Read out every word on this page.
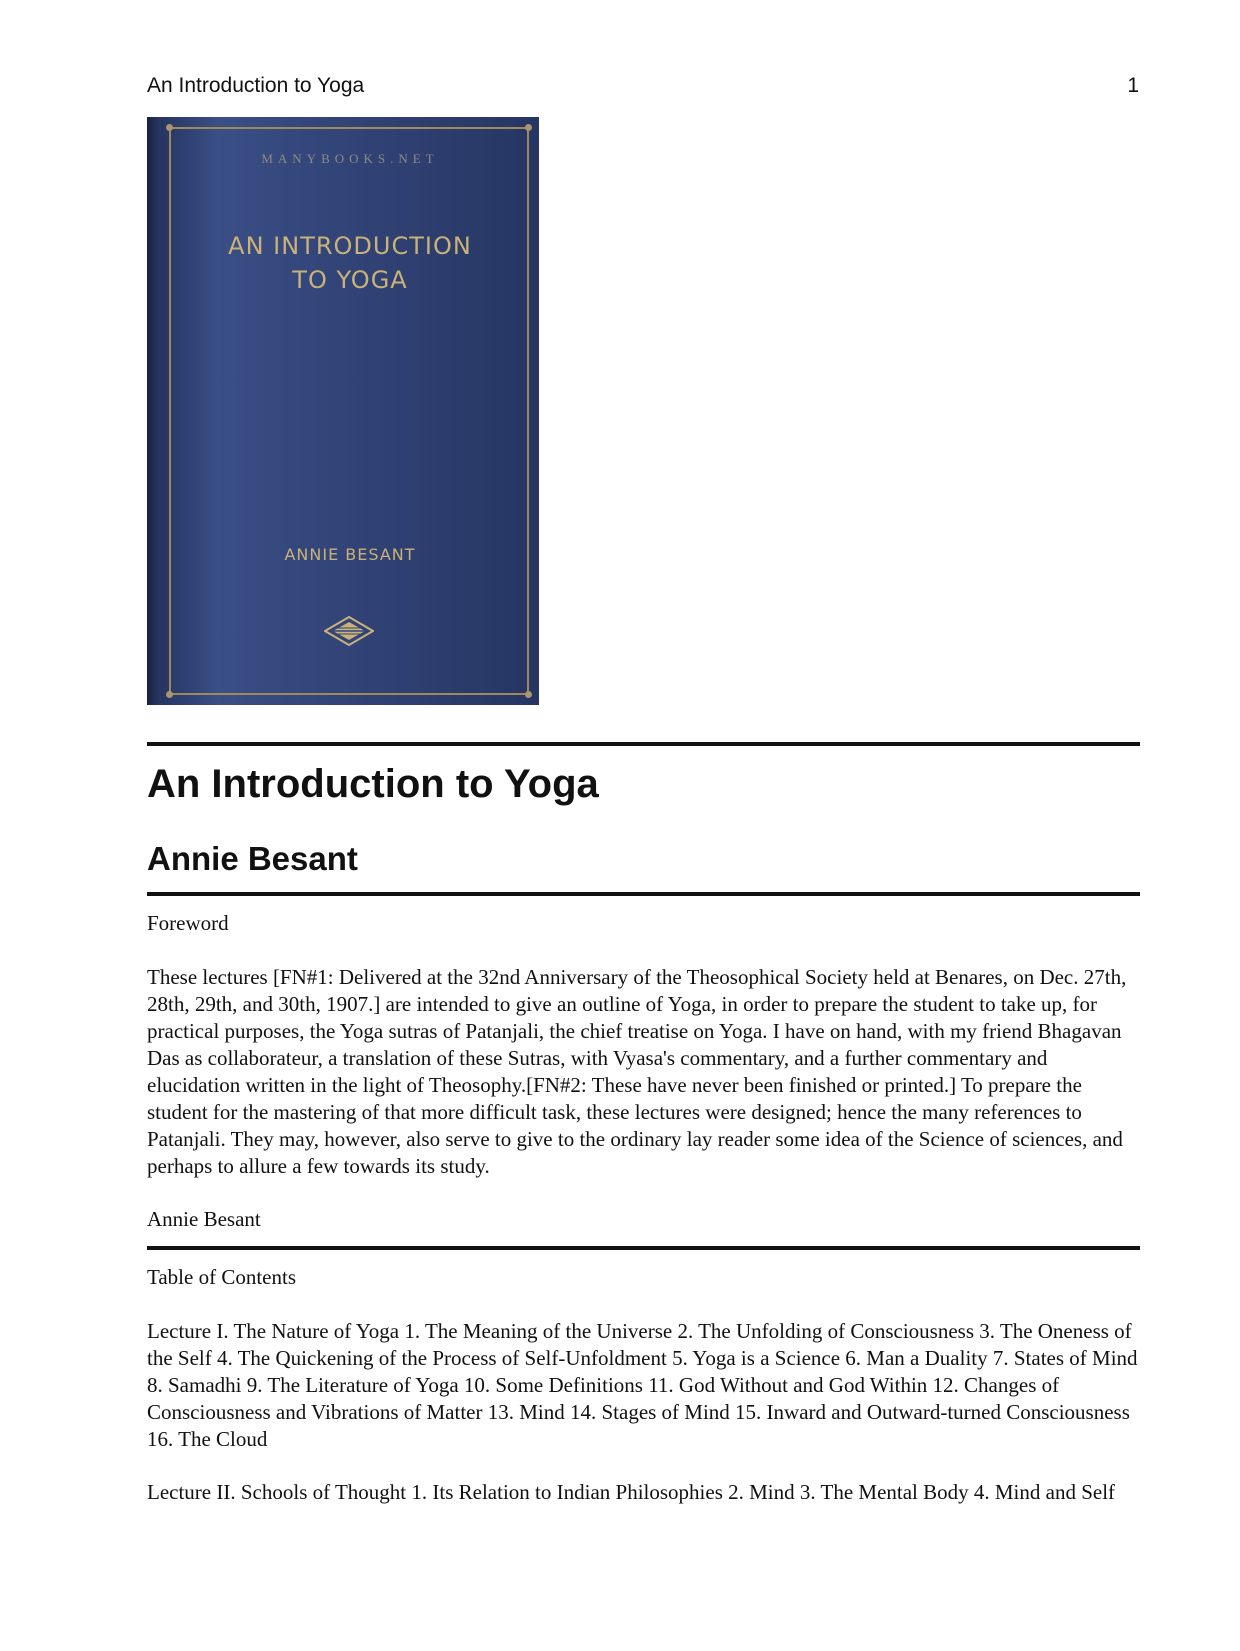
An Introduction to Yoga	1
MANYBOOKS.NET
AN INTRODUCTION
TO YOGA
ANNIE BESANT
An Introduction to Yoga
Annie Besant

Foreword

These lectures [FN#1: Delivered at the 32nd Anniversary of the Theosophical Society held at Benares, on Dec. 27th, 28th, 29th, and 30th, 1907.] are intended to give an outline of Yoga, in order to prepare the student to take up, for practical purposes, the Yoga sutras of Patanjali, the chief treatise on Yoga. I have on hand, with my friend Bhagavan Das as collaborateur, a translation of these Sutras, with Vyasa's commentary, and a further commentary and elucidation written in the light of Theosophy.[FN#2: These have never been finished or printed.] To prepare the student for the mastering of that more difficult task, these lectures were designed; hence the many references to Patanjali. They may, however, also serve to give to the ordinary lay reader some idea of the Science of sciences, and perhaps to allure a few towards its study.

Annie Besant

Table of Contents

Lecture I. The Nature of Yoga 1. The Meaning of the Universe 2. The Unfolding of Consciousness 3. The Oneness of the Self 4. The Quickening of the Process of Self-Unfoldment 5. Yoga is a Science 6. Man a Duality 7. States of Mind 8. Samadhi 9. The Literature of Yoga 10. Some Definitions 11. God Without and God Within 12. Changes of Consciousness and Vibrations of Matter 13. Mind 14. Stages of Mind 15. Inward and Outward-turned Consciousness 16. The Cloud

Lecture II. Schools of Thought 1. Its Relation to Indian Philosophies 2. Mind 3. The Mental Body 4. Mind and Self
